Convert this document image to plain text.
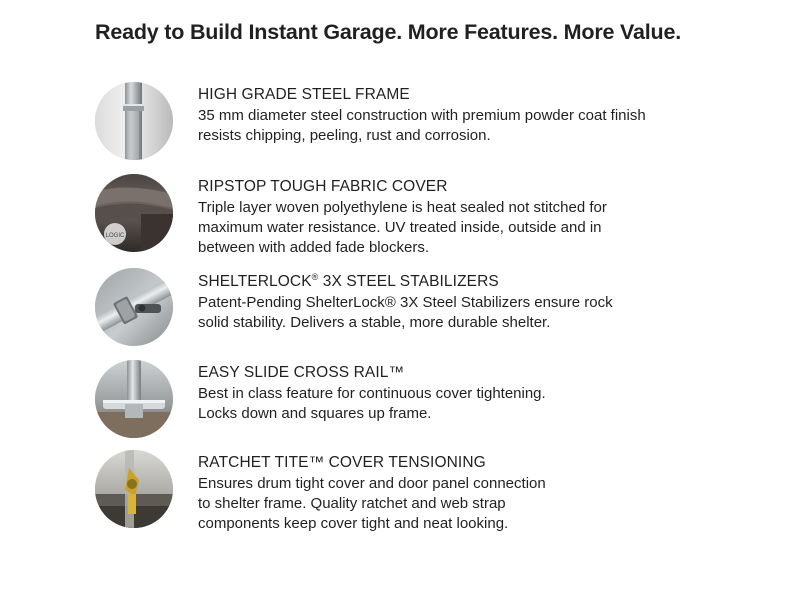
Ready to Build Instant Garage. More Features. More Value.

HIGH GRADE STEEL FRAME

35 mm diameter steel construction with premium powder coat finish
resists chipping, peeling, rust and corrosion.

LOGIC

RIPSTOP TOUGH FABRIC COVER

Triple layer woven polyethylene is heat sealed not stitched for
maximum water resistance. UV treated inside, outside and in
between with added fade blockers.

SHELTERLOCK® 3X STEEL STABILIZERS

Patent-Pending ShelterLock® 3X Steel Stabilizers ensure rock
solid stability. Delivers a stable, more durable shelter.

EASY SLIDE CROSS RAIL™

Best in class feature for continuous cover tightening.
Locks down and squares up frame.

RATCHET TITE™ COVER TENSIONING

Ensures drum tight cover and door panel connection
to shelter frame. Quality ratchet and web strap
components keep cover tight and neat looking.
